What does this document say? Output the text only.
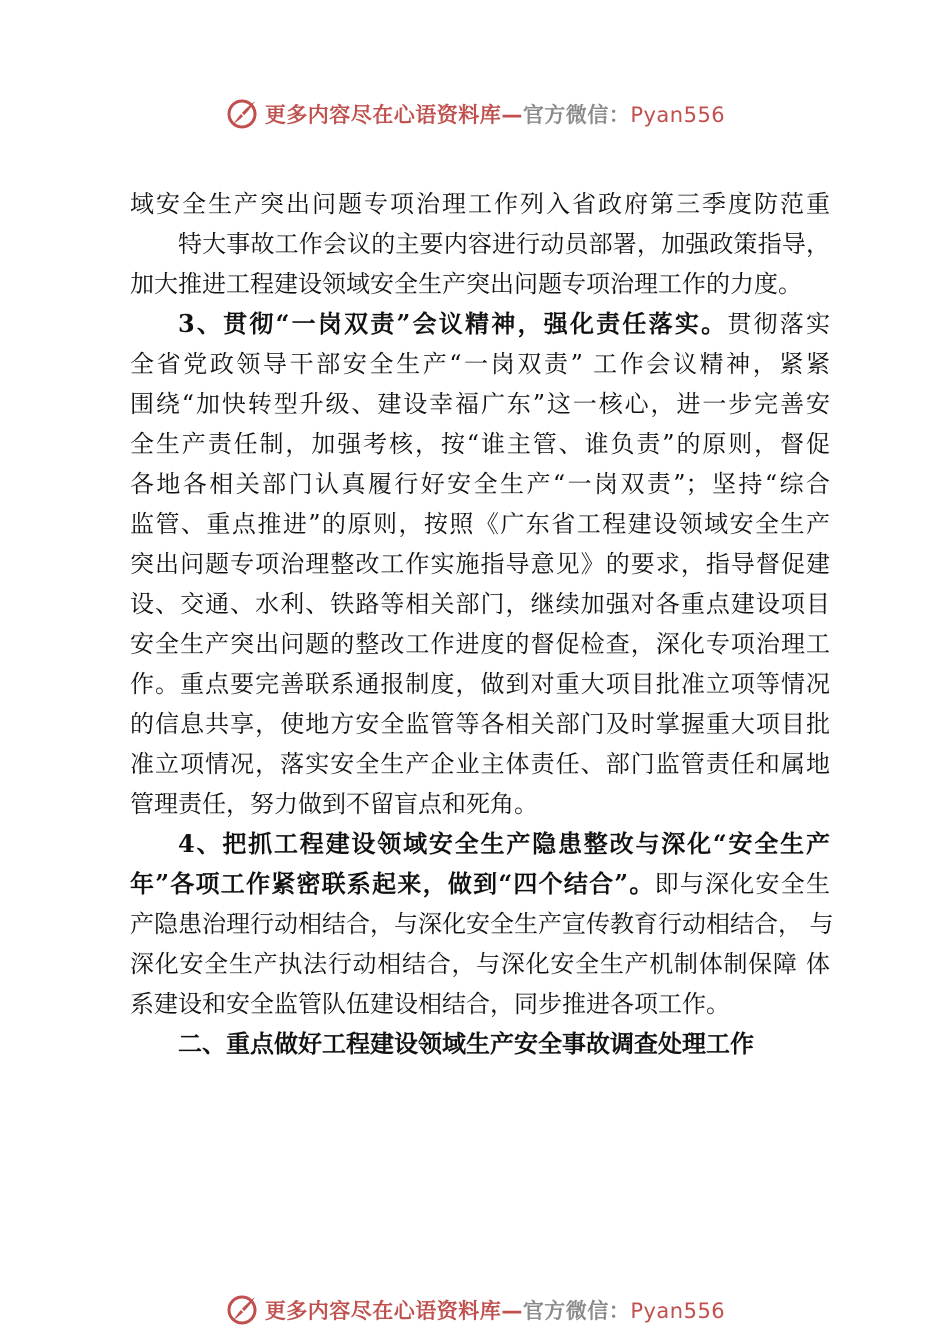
更多内容尽在心语资料库—官方微信：Pyan556
域安全生产突出问题专项治理工作列入省政府第三季度防范重
特大事故工作会议的主要内容进行动员部署，加强政策指导，
加大推进工程建设领域安全生产突出问题专项治理工作的力度。
3、贯彻“一岗双责”会议精神，强化责任落实。贯彻落实
全省党政领导干部安全生产“一岗双责” 工作会议精神，紧紧
围绕“加快转型升级、建设幸福广东”这一核心，进一步完善安
全生产责任制，加强考核，按“谁主管、谁负责”的原则，督促
各地各相关部门认真履行好安全生产“一岗双责”；坚持“综合
监管、重点推进”的原则，按照《广东省工程建设领域安全生产
突出问题专项治理整改工作实施指导意见》的要求，指导督促建
设、交通、水利、铁路等相关部门，继续加强对各重点建设项目
安全生产突出问题的整改工作进度的督促检查，深化专项治理工
作。重点要完善联系通报制度，做到对重大项目批准立项等情况
的信息共享，使地方安全监管等各相关部门及时掌握重大项目批
准立项情况，落实安全生产企业主体责任、部门监管责任和属地
管理责任，努力做到不留盲点和死角。
4、把抓工程建设领域安全生产隐患整改与深化“安全生产
年”各项工作紧密联系起来，做到“四个结合”。即与深化安全生
产隐患治理行动相结合，与深化安全生产宣传教育行动相结合， 与
深化安全生产执法行动相结合，与深化安全生产机制体制保障 体
系建设和安全监管队伍建设相结合，同步推进各项工作。
二、重点做好工程建设领域生产安全事故调查处理工作
更多内容尽在心语资料库—官方微信：Pyan556
